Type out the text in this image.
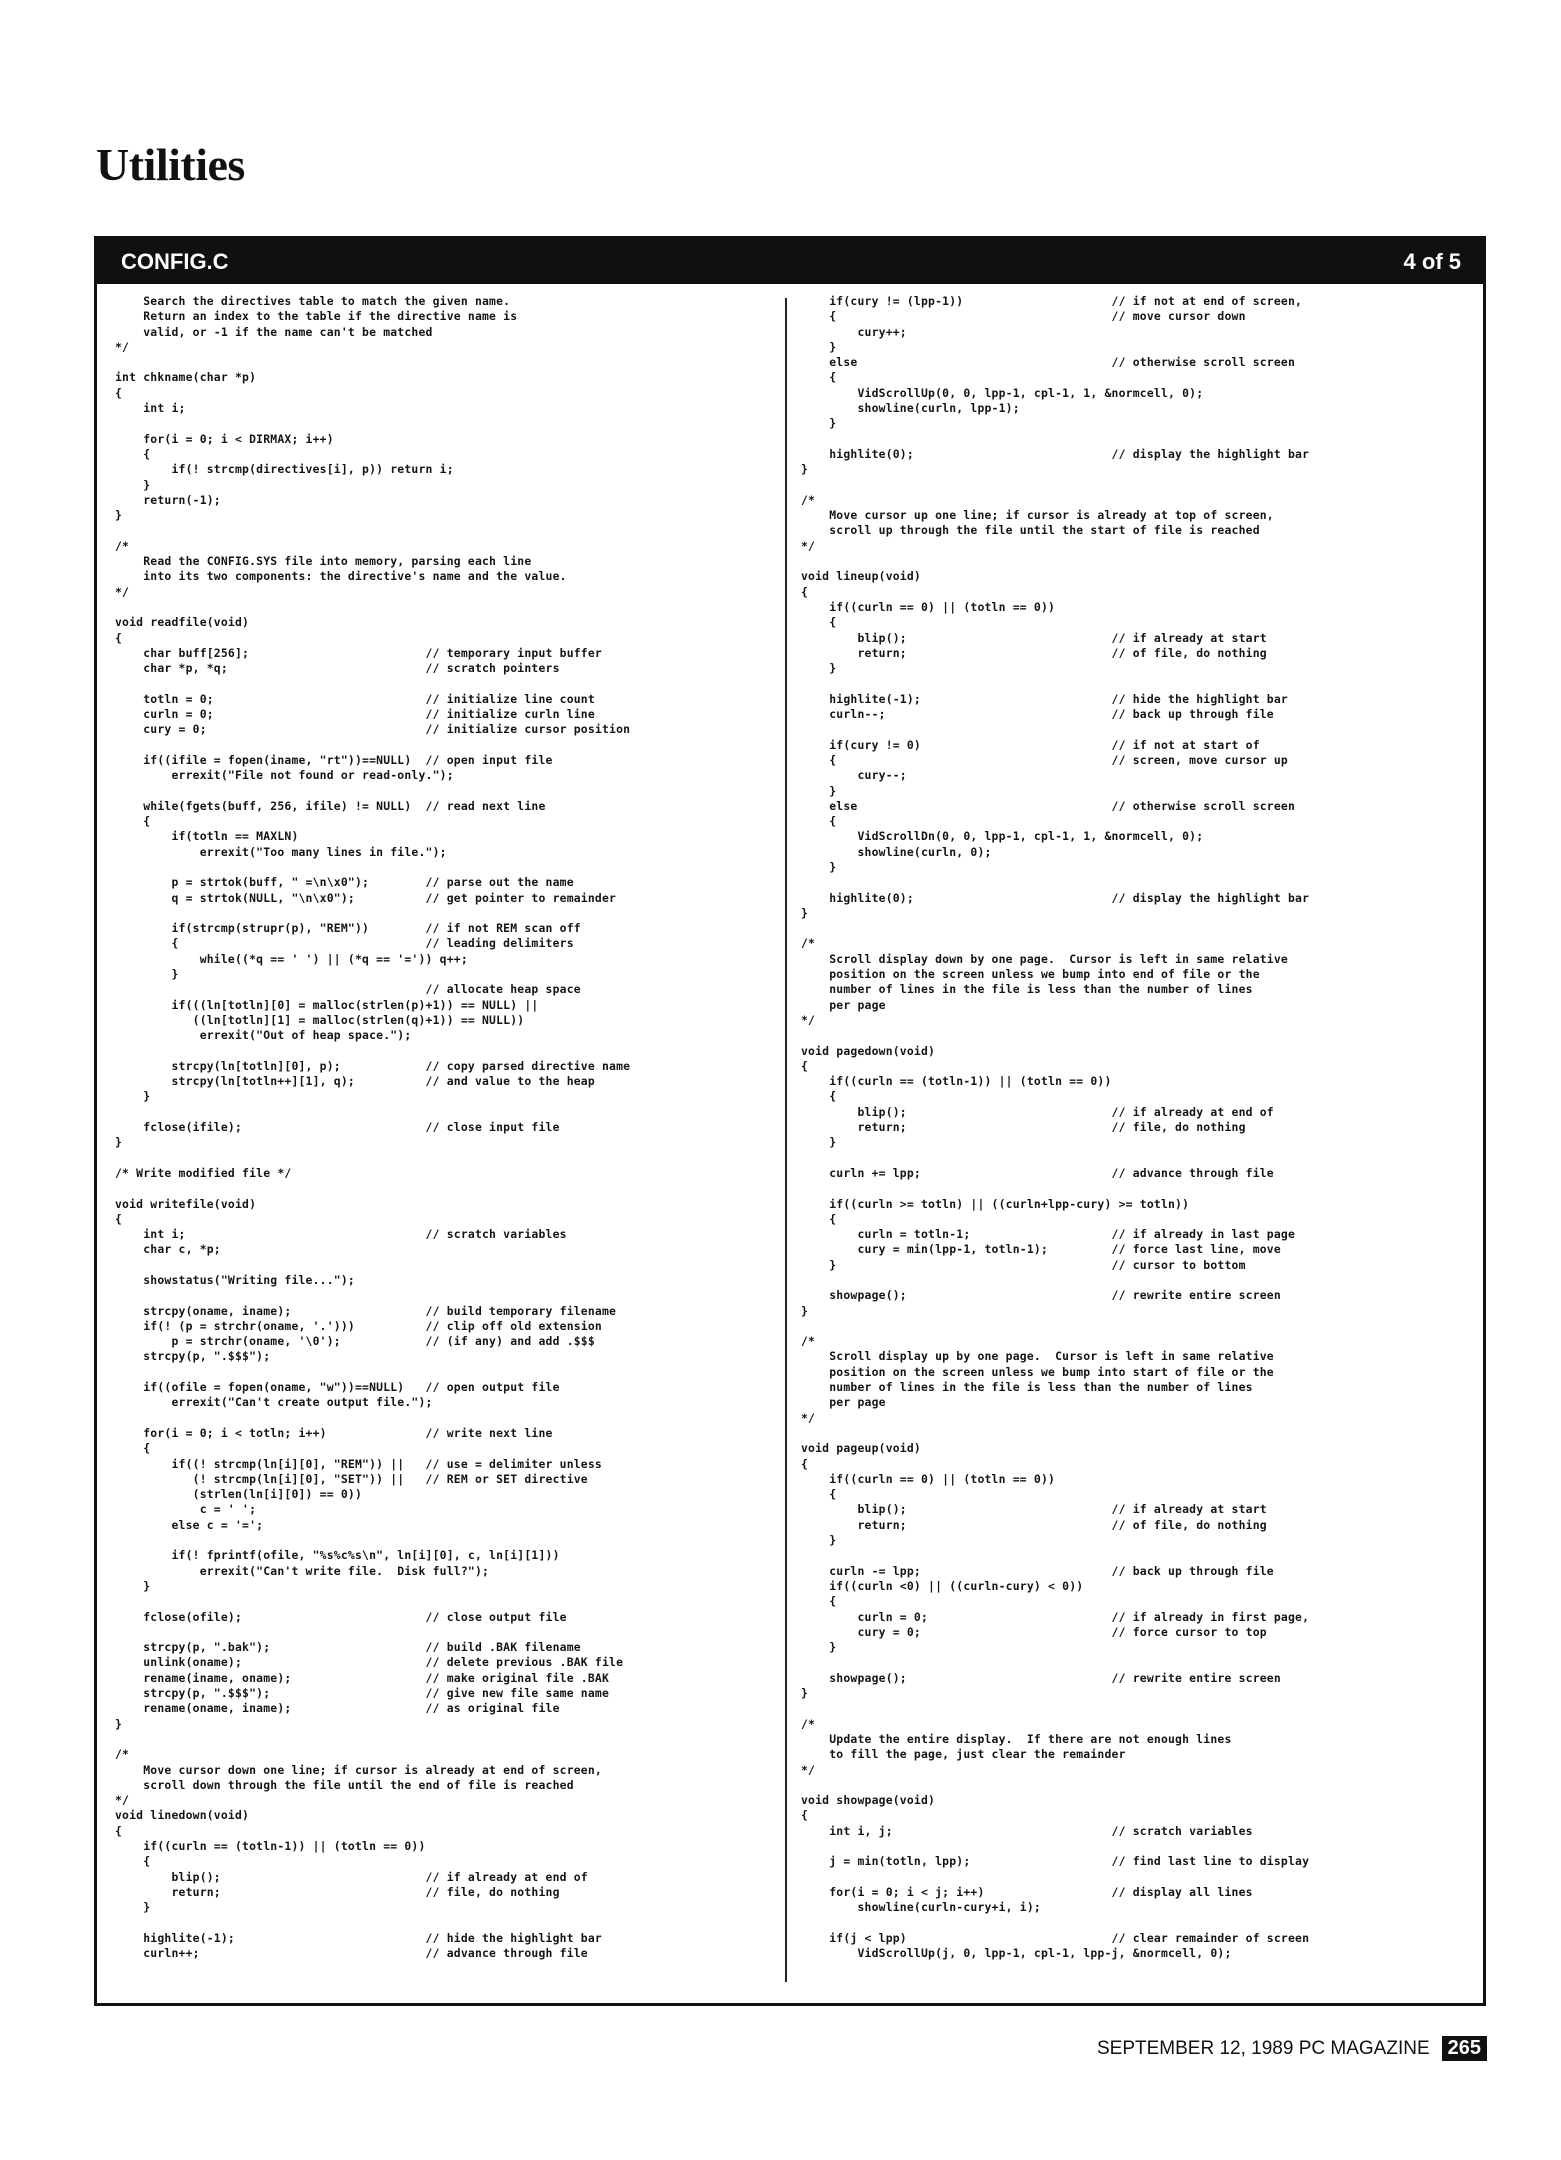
Utilities
CONFIG.C	4 of 5
Search the directives table to match the given name.
Return an index to the table if the directive name is
valid, or -1 if the name can't be matched
*/

int chkname(char *p)
{
int i;

for(i = 0; i < DIRMAX; i++)
{
if(! strcmp(directives[i], p)) return i;
}
return(-1);
}

/*
Read the CONFIG.SYS file into memory, parsing each line
into its two components: the directive's name and the value.
*/

void readfile(void)
{
char buff[256];                         // temporary input buffer
char *p, *q;                            // scratch pointers

totln = 0;                              // initialize line count
curln = 0;                              // initialize curln line
cury = 0;                               // initialize cursor position

if((ifile = fopen(iname, "rt"))==NULL)  // open input file
errexit("File not found or read-only.");

while(fgets(buff, 256, ifile) != NULL)  // read next line
{
if(totln == MAXLN)
errexit("Too many lines in file.");

p = strtok(buff, " =\n\x0");        // parse out the name
q = strtok(NULL, "\n\x0");          // get pointer to remainder

if(strcmp(strupr(p), "REM"))        // if not REM scan off
{                                   // leading delimiters
while((*q == ' ') || (*q == '=')) q++;
}
// allocate heap space
if(((ln[totln][0] = malloc(strlen(p)+1)) == NULL) ||
((ln[totln][1] = malloc(strlen(q)+1)) == NULL))
errexit("Out of heap space.");

strcpy(ln[totln][0], p);            // copy parsed directive name
strcpy(ln[totln++][1], q);          // and value to the heap
}

fclose(ifile);                          // close input file
}

/* Write modified file */

void writefile(void)
{
int i;                                  // scratch variables
char c, *p;

showstatus("Writing file...");

strcpy(oname, iname);                   // build temporary filename
if(! (p = strchr(oname, '.')))          // clip off old extension
p = strchr(oname, '\0');            // (if any) and add .$$$
strcpy(p, ".$$$");

if((ofile = fopen(oname, "w"))==NULL)   // open output file
errexit("Can't create output file.");

for(i = 0; i < totln; i++)              // write next line
{
if((! strcmp(ln[i][0], "REM")) ||   // use = delimiter unless
(! strcmp(ln[i][0], "SET")) ||   // REM or SET directive
(strlen(ln[i][0]) == 0))
c = ' ';
else c = '=';

if(! fprintf(ofile, "%s%c%s\n", ln[i][0], c, ln[i][1]))
errexit("Can't write file.  Disk full?");
}

fclose(ofile);                          // close output file

strcpy(p, ".bak");                      // build .BAK filename
unlink(oname);                          // delete previous .BAK file
rename(iname, oname);                   // make original file .BAK
strcpy(p, ".$$$");                      // give new file same name
rename(oname, iname);                   // as original file
}

/*
Move cursor down one line; if cursor is already at end of screen,
scroll down through the file until the end of file is reached
*/
void linedown(void)
{
if((curln == (totln-1)) || (totln == 0))
{
blip();                             // if already at end of
return;                             // file, do nothing
}

highlite(-1);                           // hide the highlight bar
curln++;                                // advance through file
if(cury != (lpp-1))                     // if not at end of screen,
{                                       // move cursor down
cury++;
}
else                                    // otherwise scroll screen
{
VidScrollUp(0, 0, lpp-1, cpl-1, 1, &normcell, 0);
showline(curln, lpp-1);
}

highlite(0);                            // display the highlight bar
}

/*
Move cursor up one line; if cursor is already at top of screen,
scroll up through the file until the start of file is reached
*/

void lineup(void)
{
if((curln == 0) || (totln == 0))
{
blip();                             // if already at start
return;                             // of file, do nothing
}

highlite(-1);                           // hide the highlight bar
curln--;                                // back up through file

if(cury != 0)                           // if not at start of
{                                       // screen, move cursor up
cury--;
}
else                                    // otherwise scroll screen
{
VidScrollDn(0, 0, lpp-1, cpl-1, 1, &normcell, 0);
showline(curln, 0);
}

highlite(0);                            // display the highlight bar
}

/*
Scroll display down by one page.  Cursor is left in same relative
position on the screen unless we bump into end of file or the
number of lines in the file is less than the number of lines
per page
*/

void pagedown(void)
{
if((curln == (totln-1)) || (totln == 0))
{
blip();                             // if already at end of
return;                             // file, do nothing
}

curln += lpp;                           // advance through file

if((curln >= totln) || ((curln+lpp-cury) >= totln))
{
curln = totln-1;                    // if already in last page
cury = min(lpp-1, totln-1);         // force last line, move
}                                       // cursor to bottom

showpage();                             // rewrite entire screen
}

/*
Scroll display up by one page.  Cursor is left in same relative
position on the screen unless we bump into start of file or the
number of lines in the file is less than the number of lines
per page
*/

void pageup(void)
{
if((curln == 0) || (totln == 0))
{
blip();                             // if already at start
return;                             // of file, do nothing
}

curln -= lpp;                           // back up through file
if((curln <0) || ((curln-cury) < 0))
{
curln = 0;                          // if already in first page,
cury = 0;                           // force cursor to top
}

showpage();                             // rewrite entire screen
}

/*
Update the entire display.  If there are not enough lines
to fill the page, just clear the remainder
*/

void showpage(void)
{
int i, j;                               // scratch variables

j = min(totln, lpp);                    // find last line to display

for(i = 0; i < j; i++)                  // display all lines
showline(curln-cury+i, i);

if(j < lpp)                             // clear remainder of screen
VidScrollUp(j, 0, lpp-1, cpl-1, lpp-j, &normcell, 0);
SEPTEMBER 12, 1989 PC MAGAZINE 265
